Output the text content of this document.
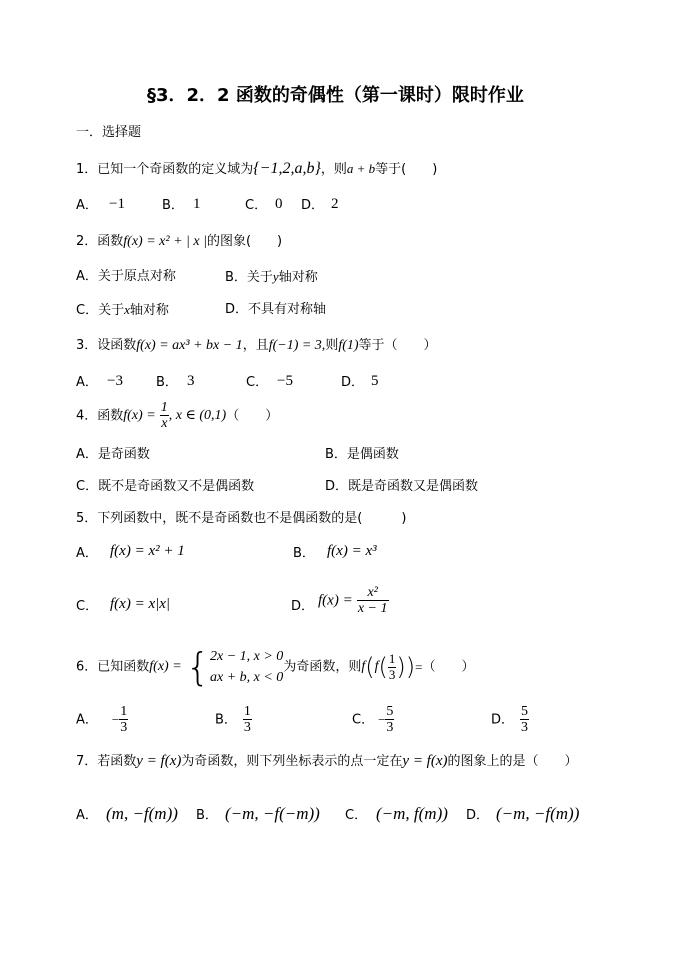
§3．2．2 函数的奇偶性（第一课时）限时作业
一．选择题
1．已知一个奇函数的定义域为{−1,2,a,b}，则a + b等于(　　)
A． −1	B． 1	C． 0 D． 2
2．函数f(x) = x² + | x |的图象(　　)
A．关于原点对称	B．关于y轴对称
C．关于x轴对称	D．不具有对称轴
3．设函数f(x) = ax³ + bx − 1，且f(−1) = 3,则f(1)等于（　　）
A． −3	B． 3	C． −5	D． 5
4．函数$f(x) = \frac{1}{x}$ , x ∈ (0,1)（　　）
A．是奇函数	B．是偶函数
C．既不是奇函数又不是偶函数	D．既是奇函数又是偶函数
5．下列函数中，既不是奇函数也不是偶函数的是(　　　)
A． f(x) = x² + 1	B． f(x) = x³
C． f(x) = x|x|	D． $f(x) = \frac{\text{x²}}{x - 1}$
6．已知函数f(x) = { 2x − 1, x > 0
ax + b, x < 0
为奇函数，则$f(f( \frac{1}{3}$ ))=（　　）
A． − $\frac{1}{3}$	B． $\frac{1}{3}$	C． − $\frac{5}{3}$	D． $\frac{5}{3}$
7．若函数y = f(x)为奇函数，则下列坐标表示的点一定在y = f(x)的图象上的是（　　）
A． (m, −f(m)) B． (−m, −f(−m)) C． (−m, f(m)) D． (−m, −f(m))
